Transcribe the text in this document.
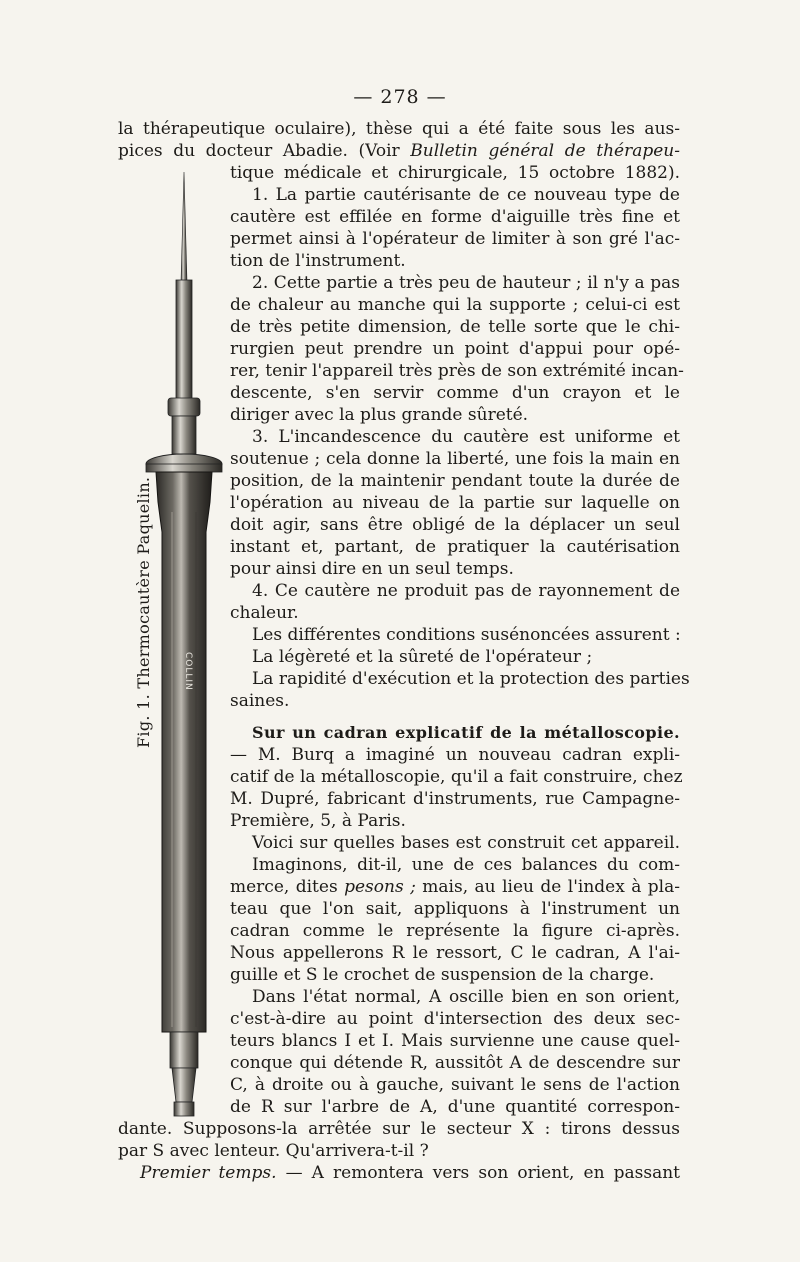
— 278 —
COLLIN
Fig. 1. Thermocautère Paquelin.
la thérapeutique oculaire), thèse qui a été faite sous les aus-
pices du docteur Abadie. (Voir Bulletin général de thérapeu-
tique médicale et chirurgicale, 15 octobre 1882).
1. La partie cautérisante de ce nouveau type de
cautère est effilée en forme d'aiguille très fine et
permet ainsi à l'opérateur de limiter à son gré l'ac-
tion de l'instrument.
2. Cette partie a très peu de hauteur ; il n'y a pas
de chaleur au manche qui la supporte ; celui-ci est
de très petite dimension, de telle sorte que le chi-
rurgien peut prendre un point d'appui pour opé-
rer, tenir l'appareil très près de son extrémité incan-
descente, s'en servir comme d'un crayon et le
diriger avec la plus grande sûreté.
3. L'incandescence du cautère est uniforme et
soutenue ; cela donne la liberté, une fois la main en
position, de la maintenir pendant toute la durée de
l'opération au niveau de la partie sur laquelle on
doit agir, sans être obligé de la déplacer un seul
instant et, partant, de pratiquer la cautérisation
pour ainsi dire en un seul temps.
4. Ce cautère ne produit pas de rayonnement de
chaleur.
Les différentes conditions susénoncées assurent :
La légèreté et la sûreté de l'opérateur ;
La rapidité d'exécution et la protection des parties
saines.
Sur un cadran explicatif de la métalloscopie.
— M. Burq a imaginé un nouveau cadran expli-
catif de la métalloscopie, qu'il a fait construire, chez
M. Dupré, fabricant d'instruments, rue Campagne-
Première, 5, à Paris.
Voici sur quelles bases est construit cet appareil.
Imaginons, dit-il, une de ces balances du com-
merce, dites pesons ; mais, au lieu de l'index à pla-
teau que l'on sait, appliquons à l'instrument un
cadran comme le représente la figure ci-après.
Nous appellerons R le ressort, C le cadran, A l'ai-
guille et S le crochet de suspension de la charge.
Dans l'état normal, A oscille bien en son orient,
c'est-à-dire au point d'intersection des deux sec-
teurs blancs I et I. Mais survienne une cause quel-
conque qui détende R, aussitôt A de descendre sur
C, à droite ou à gauche, suivant le sens de l'action
de R sur l'arbre de A, d'une quantité correspon-
dante. Supposons-la arrêtée sur le secteur X : tirons dessus
par S avec lenteur. Qu'arrivera-t-il ?
Premier temps. — A remontera vers son orient, en passant
